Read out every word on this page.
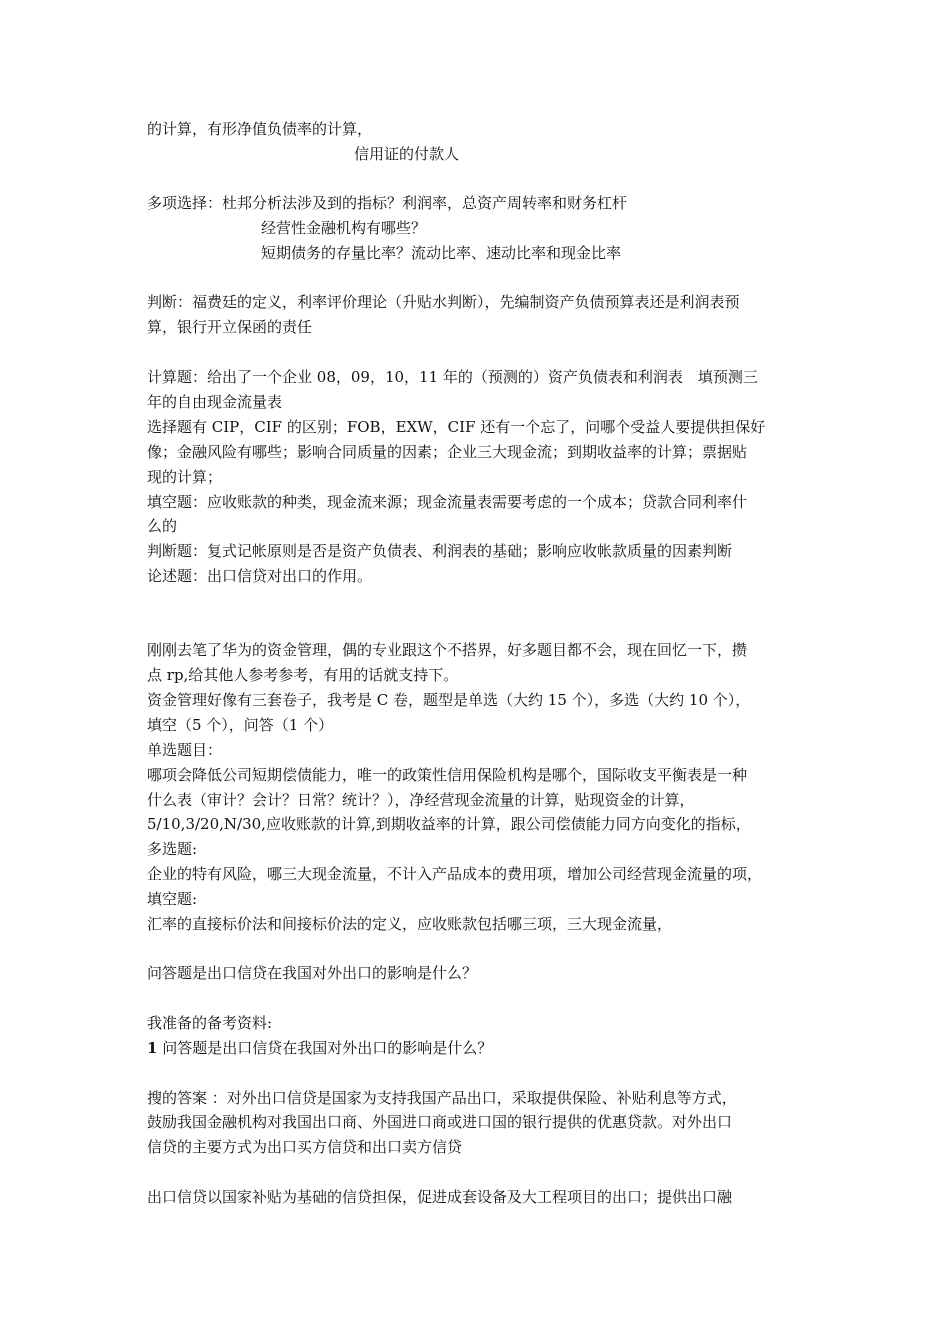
的计算，有形净值负债率的计算，
信用证的付款人
多项选择：杜邦分析法涉及到的指标？利润率，总资产周转率和财务杠杆
经营性金融机构有哪些？
短期债务的存量比率？流动比率、速动比率和现金比率
判断：福费廷的定义，利率评价理论（升贴水判断），先编制资产负债预算表还是利润表预
算，银行开立保函的责任
计算题：给出了一个企业 08，09，10，11 年的（预测的）资产负债表和利润表　填预测三
年的自由现金流量表
选择题有 CIP，CIF 的区别；FOB，EXW，CIF 还有一个忘了，问哪个受益人要提供担保好
像；金融风险有哪些；影响合同质量的因素；企业三大现金流；到期收益率的计算；票据贴
现的计算；
填空题：应收账款的种类，现金流来源；现金流量表需要考虑的一个成本；贷款合同利率什
么的
判断题：复式记帐原则是否是资产负债表、利润表的基础；影响应收帐款质量的因素判断
论述题：出口信贷对出口的作用。
刚刚去笔了华为的资金管理，偶的专业跟这个不搭界，好多题目都不会，现在回忆一下，攒
点 rp,给其他人参考参考，有用的话就支持下。
资金管理好像有三套卷子，我考是 C 卷，题型是单选（大约 15 个），多选（大约 10 个），
填空（5 个），问答（1 个）
单选题目：
哪项会降低公司短期偿债能力，唯一的政策性信用保险机构是哪个，国际收支平衡表是一种
什么表（审计？会计？日常？统计？），净经营现金流量的计算，贴现资金的计算，
5/10,3/20,N/30,应收账款的计算,到期收益率的计算，跟公司偿债能力同方向变化的指标，
多选题:
企业的特有风险，哪三大现金流量，不计入产品成本的费用项，增加公司经营现金流量的项，
填空题:
汇率的直接标价法和间接标价法的定义，应收账款包括哪三项，三大现金流量，
问答题是出口信贷在我国对外出口的影响是什么？
我准备的备考资料:
1 问答题是出口信贷在我国对外出口的影响是什么？
搜的答案 ：对外出口信贷是国家为支持我国产品出口，采取提供保险、补贴利息等方式，
鼓励我国金融机构对我国出口商、外国进口商或进口国的银行提供的优惠贷款。对外出口
信贷的主要方式为出口买方信贷和出口卖方信贷
出口信贷以国家补贴为基础的信贷担保，促进成套设备及大工程项目的出口；提供出口融
